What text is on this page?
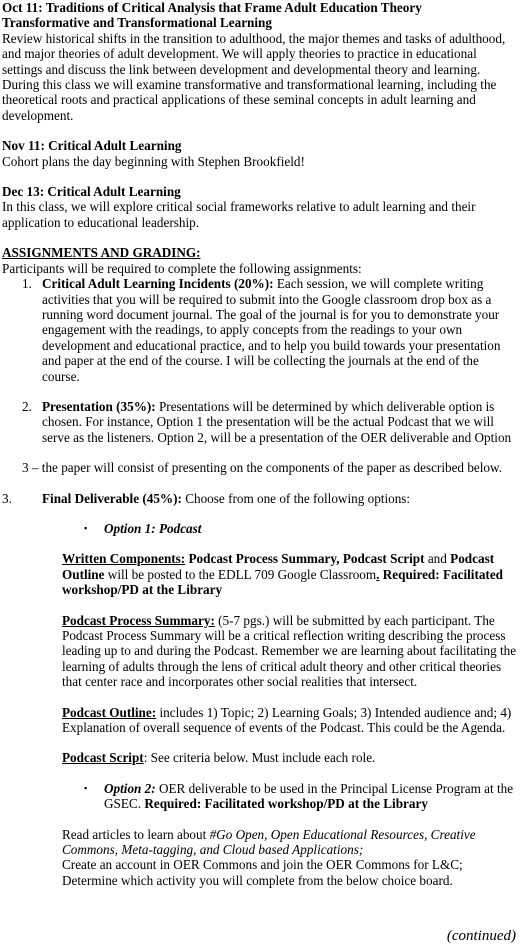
Oct 11: Traditions of Critical Analysis that Frame Adult Education Theory

Transformative and Transformational Learning

Review historical shifts in the transition to adulthood, the major themes and tasks of adulthood, and major theories of adult development. We will apply theories to practice in educational settings and discuss the link between development and developmental theory and learning.

During this class we will examine transformative and transformational learning, including the theoretical roots and practical applications of these seminal concepts in adult learning and development.

Nov 11: Critical Adult Learning

Cohort plans the day beginning with Stephen Brookfield!

Dec 13: Critical Adult Learning

In this class, we will explore critical social frameworks relative to adult learning and their application to educational leadership.

ASSIGNMENTS AND GRADING:

Participants will be required to complete the following assignments:

1. Critical Adult Learning Incidents (20%): Each session, we will complete writing activities that you will be required to submit into the Google classroom drop box as a running word document journal. The goal of the journal is for you to demonstrate your engagement with the readings, to apply concepts from the readings to your own development and educational practice, and to help you build towards your presentation and paper at the end of the course. I will be collecting the journals at the end of the course.

2. Presentation (35%): Presentations will be determined by which deliverable option is chosen. For instance, Option 1 the presentation will be the actual Podcast that we will serve as the listeners. Option 2, will be a presentation of the OER deliverable and Option

3 – the paper will consist of presenting on the components of the paper as described below.

3. Final Deliverable (45%): Choose from one of the following options:

▪ Option 1: Podcast

Written Components: Podcast Process Summary, Podcast Script and Podcast Outline will be posted to the EDLL 709 Google Classroom. Required: Facilitated workshop/PD at the Library

Podcast Process Summary: (5-7 pgs.) will be submitted by each participant. The Podcast Process Summary will be a critical reflection writing describing the process leading up to and during the Podcast. Remember we are learning about facilitating the learning of adults through the lens of critical adult theory and other critical theories that center race and incorporates other social realities that intersect.

Podcast Outline: includes 1) Topic; 2) Learning Goals; 3) Intended audience and; 4) Explanation of overall sequence of events of the Podcast. This could be the Agenda.

Podcast Script: See criteria below. Must include each role.

▪ Option 2: OER deliverable to be used in the Principal License Program at the GSEC. Required: Facilitated workshop/PD at the Library

Read articles to learn about #Go Open, Open Educational Resources, Creative Commons, Meta-tagging, and Cloud based Applications;

Create an account in OER Commons and join the OER Commons for L&C;

Determine which activity you will complete from the below choice board.

(continued)
